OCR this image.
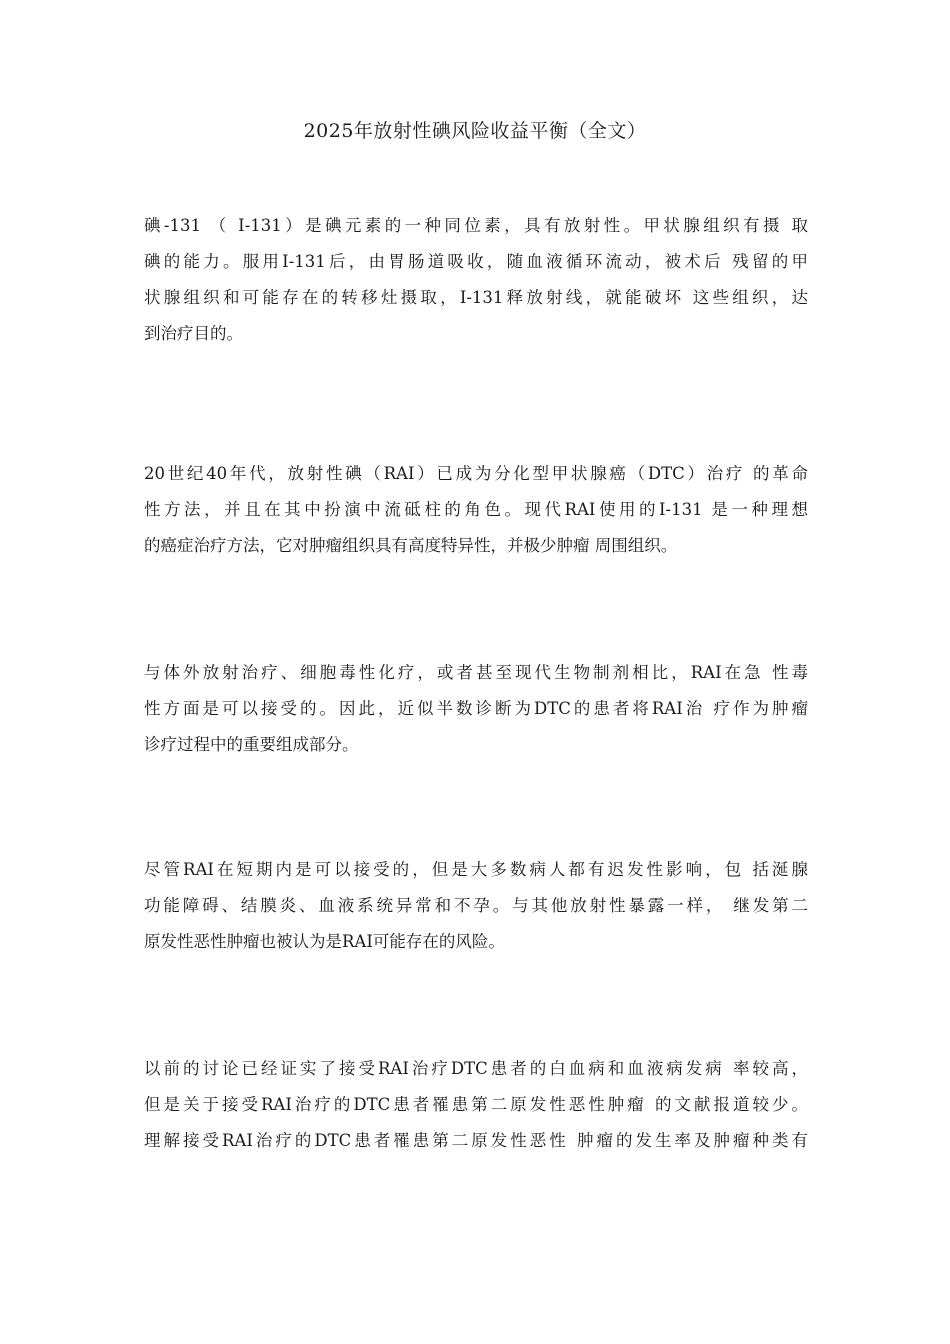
2025年放射性碘风险收益平衡（全文）
碘-131 （ I-131）是碘元素的一种同位素，具有放射性。甲状腺组织有摄 取
碘的能力。服用I-131后，由胃肠道吸收，随血液循环流动，被术后 残留的甲
状腺组织和可能存在的转移灶摄取，I-131释放射线，就能破坏 这些组织，达
到治疗目的。
20世纪40年代，放射性碘（RAI）已成为分化型甲状腺癌（DTC）治疗 的革命
性方法，并且在其中扮演中流砥柱的角色。现代RAI使用的I-131 是一种理想
的癌症治疗方法，它对肿瘤组织具有高度特异性，并极少肿瘤 周围组织。
与体外放射治疗、细胞毒性化疗，或者甚至现代生物制剂相比，RAI在急 性毒
性方面是可以接受的。因此，近似半数诊断为DTC的患者将RAI治 疗作为肿瘤
诊疗过程中的重要组成部分。
尽管RAI在短期内是可以接受的，但是大多数病人都有迟发性影响，包 括涎腺
功能障碍、结膜炎、血液系统异常和不孕。与其他放射性暴露一样， 继发第二
原发性恶性肿瘤也被认为是RAI可能存在的风险。
以前的讨论已经证实了接受RAI治疗DTC患者的白血病和血液病发病 率较高，
但是关于接受RAI治疗的DTC患者罹患第二原发性恶性肿瘤 的文献报道较少。
理解接受RAI治疗的DTC患者罹患第二原发性恶性 肿瘤的发生率及肿瘤种类有
